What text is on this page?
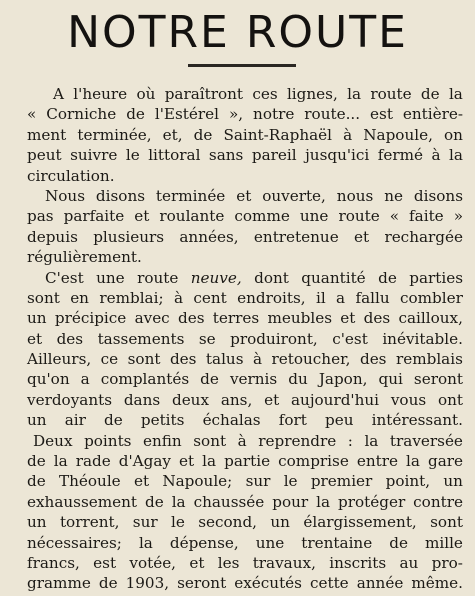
NOTRE ROUTE
A l'heure où paraîtront ces lignes, la route de la
« Corniche de l'Estérel », notre route... est entière-
ment terminée, et, de Saint-Raphaël à Napoule, on
peut suivre le littoral sans pareil jusqu'ici fermé à la
circulation.
Nous disons terminée et ouverte, nous ne disons
pas parfaite et roulante comme une route « faite »
depuis plusieurs années, entretenue et rechargée
régulièrement.
C'est une route neuve, dont quantité de parties
sont en remblai; à cent endroits, il a fallu combler
un précipice avec des terres meubles et des cailloux,
et des tassements se produiront, c'est inévitable.
Ailleurs, ce sont des talus à retoucher, des remblais
qu'on a complantés de vernis du Japon, qui seront
verdoyants dans deux ans, et aujourd'hui vous ont
un air de petits échalas fort peu intéressant.
Deux points enfin sont à reprendre : la traversée
de la rade d'Agay et la partie comprise entre la gare
de Théoule et Napoule; sur le premier point, un
exhaussement de la chaussée pour la protéger contre
un torrent, sur le second, un élargissement, sont
nécessaires; la dépense, une trentaine de mille
francs, est votée, et les travaux, inscrits au pro-
gramme de 1903, seront exécutés cette année même.
